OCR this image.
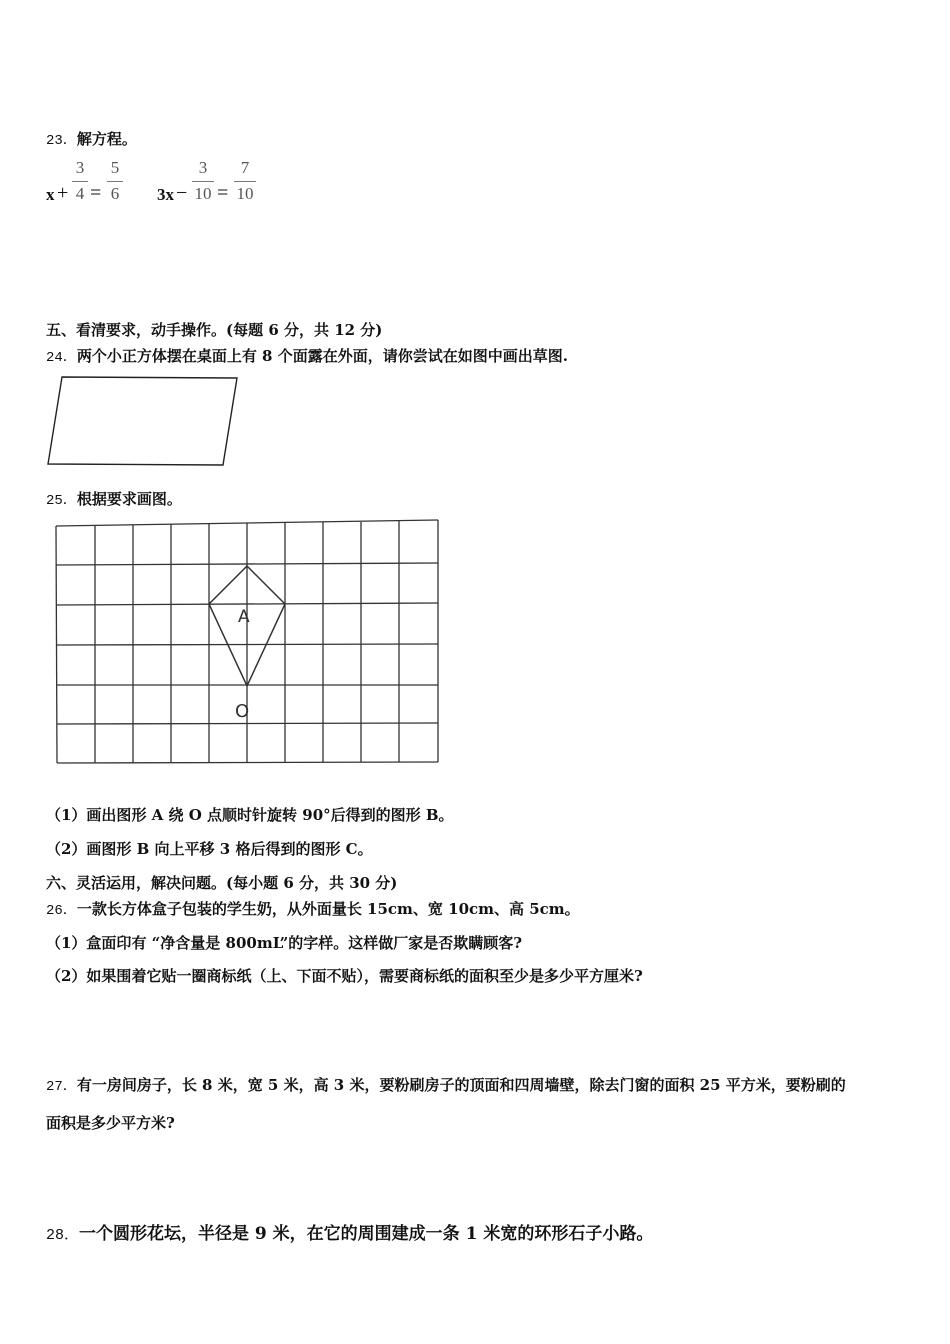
23．解方程。
x +
3
4 =
5
6 3x −
3
10 =
7
10
五、看清要求，动手操作。(每题 6 分，共 12 分)
24．两个小正方体摆在桌面上有 8 个面露在外面，请你尝试在如图中画出草图.
25．根据要求画图。
A
O
（1）画出图形 A 绕 O 点顺时针旋转 90°后得到的图形 B。
（2）画图形 B 向上平移 3 格后得到的图形 C。
六、灵活运用，解决问题。(每小题 6 分，共 30 分)
26．一款长方体盒子包装的学生奶，从外面量长 15cm、宽 10cm、高 5cm。
（1）盒面印有 “净含量是 800mL”的字样。这样做厂家是否欺瞒顾客?
（2）如果围着它贴一圈商标纸（上、下面不贴），需要商标纸的面积至少是多少平方厘米?
27．有一房间房子，长 8 米，宽 5 米，高 3 米，要粉刷房子的顶面和四周墙壁，除去门窗的面积 25 平方米，要粉刷的
面积是多少平方米?
28．一个圆形花坛，半径是 9 米，在它的周围建成一条 1 米宽的环形石子小路。
